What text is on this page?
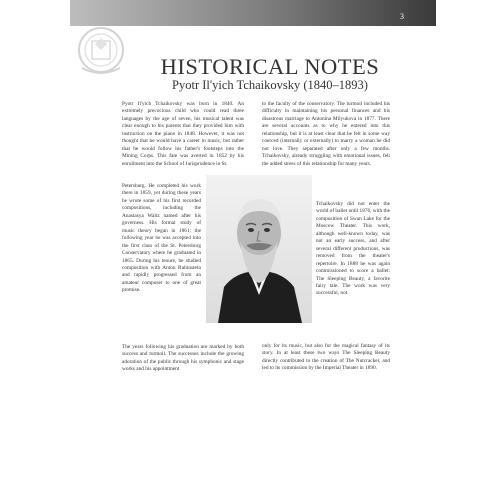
3
HISTORICAL NOTES
Pyotr Il'yich Tchaikovsky (1840–1893)
Pyotr Il'yich Tchaikovsky was born in 1840. An extremely precocious child who could read three languages by the age of seven, his musical talent was clear enough to his parents that they provided him with instruction on the piano in 1848. However, it was not thought that he would have a career in music, but rather that he would follow his father's footsteps into the Mining Corps. This fate was averted in 1852 by his enrollment into the School of Jurisprudence in St.
Petersburg. He completed his work there in 1859, yet during these years he wrote some of his first recorded compositions, including the Anastasya Waltz named after his governess. His formal study of music theory began in 1861; the following year he was accepted into the first class of the St. Petersburg Conservatory where he graduated in 1865. During his tenure, he studied composition with Anton Rubinstein and rapidly progressed from an amateur composer to one of great promise.
The years following his graduation are marked by both success and turmoil. The successes include the growing adoration of the public through his symphonic and stage works and his appointment
to the faculty of the conservatory. The turmoil included his difficulty in maintaining his personal finances and his disastrous marriage to Antonina Milyukova in 1877. There are several accounts as to why he entered into this relationship, but it is at least clear that he felt in some way coerced (internally or externally) to marry a woman he did not love. They separated after only a few months. Tchaikovsky, already struggling with emotional issues, felt the added stress of this relationship for many years.
Tchaikovsky did not enter the world of ballet until 1876, with the composition of Swan Lake for the Moscow Theater. This work, although well-known today, was not an early success, and after several different productions, was removed from the theater's repertoire. In 1888 he was again commissioned to score a ballet: The Sleeping Beauty, a favorite fairy tale. The work was very successful, not
only for its music, but also for the magical fantasy of its story. In at least these two ways The Sleeping Beauty directly contributed to the creation of The Nutcracker, and led to its commission by the Imperial Theater in 1890.
